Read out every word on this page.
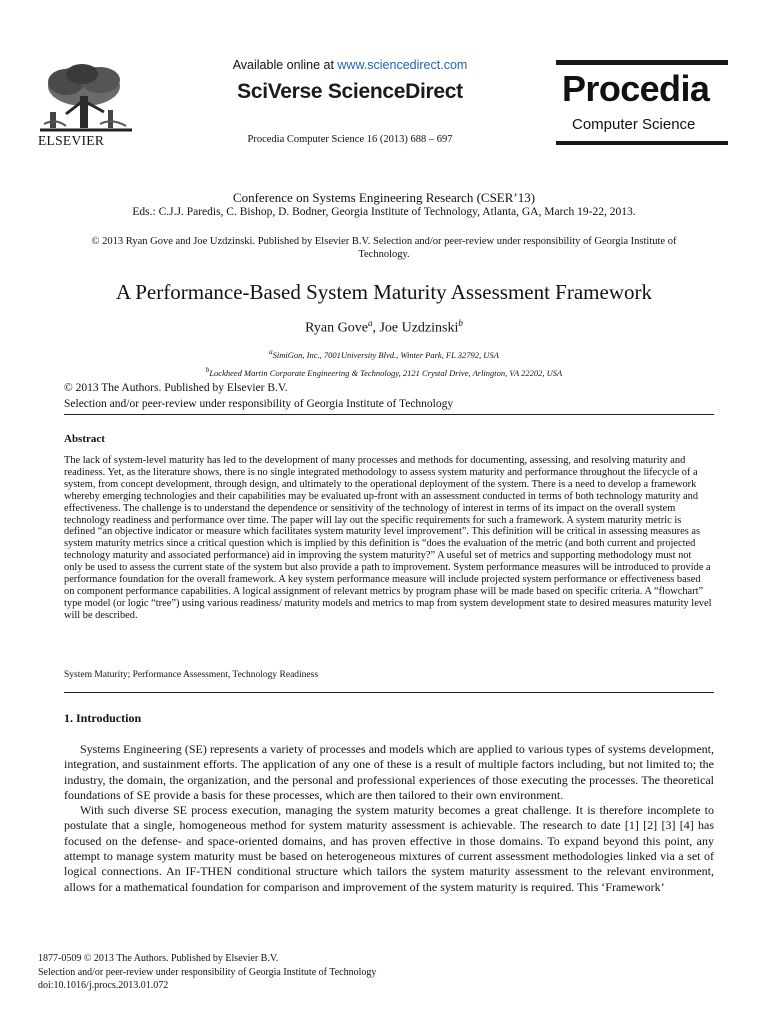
ELSEVIER
Available online at www.sciencedirect.com
SciVerse ScienceDirect
Procedia Computer Science 16 (2013) 688 – 697
Procedia
Computer Science
Conference on Systems Engineering Research (CSER’13)
Eds.: C.J.J. Paredis, C. Bishop, D. Bodner, Georgia Institute of Technology, Atlanta, GA, March 19-22, 2013.
© 2013 Ryan Gove and Joe Uzdzinski. Published by Elsevier B.V. Selection and/or peer-review under responsibility of Georgia Institute of Technology.
A Performance-Based System Maturity Assessment Framework
Ryan Gove$^a$, Joe Uzdzinski$^b$
$^a$SimiGon, Inc., 7001University Blvd., Winter Park, FL 32792, USA
$^b$Lockheed Martin Corporate Engineering & Technology, 2121 Crystal Drive, Arlington, VA 22202, USA
© 2013 The Authors. Published by Elsevier B.V.
Selection and/or peer-review under responsibility of Georgia Institute of Technology
Abstract

The lack of system-level maturity has led to the development of many processes and methods for documenting, assessing, and resolving maturity and readiness. Yet, as the literature shows, there is no single integrated methodology to assess system maturity and performance throughout the lifecycle of a system, from concept development, through design, and ultimately to the operational deployment of the system. There is a need to develop a framework whereby emerging technologies and their capabilities may be evaluated up-front with an assessment conducted in terms of both technology maturity and effectiveness. The challenge is to understand the dependence or sensitivity of the technology of interest in terms of its impact on the overall system technology readiness and performance over time. The paper will lay out the specific requirements for such a framework. A system maturity metric is defined “an objective indicator or measure which facilitates system maturity level improvement”. This definition will be critical in assessing measures as system maturity metrics since a critical question which is implied by this definition is “does the evaluation of the metric (and both current and projected technology maturity and associated performance) aid in improving the system maturity?” A useful set of metrics and supporting methodology must not only be used to assess the current state of the system but also provide a path to improvement. System performance measures will be introduced to provide a performance foundation for the overall framework. A key system performance measure will include projected system performance or effectiveness based on component performance capabilities. A logical assignment of relevant metrics by program phase will be made based on specific criteria. A “flowchart” type model (or logic “tree”) using various readiness/ maturity models and metrics to map from system development state to desired measures maturity level will be described.

System Maturity; Performance Assessment, Technology Readiness
1. Introduction

Systems Engineering (SE) represents a variety of processes and models which are applied to various types of systems development, integration, and sustainment efforts. The application of any one of these is a result of multiple factors including, but not limited to; the industry, the domain, the organization, and the personal and professional experiences of those executing the processes. The theoretical foundations of SE provide a basis for these processes, which are then tailored to their own environment.

With such diverse SE process execution, managing the system maturity becomes a great challenge. It is therefore incomplete to postulate that a single, homogeneous method for system maturity assessment is achievable. The research to date [1] [2] [3] [4] has focused on the defense- and space-oriented domains, and has proven effective in those domains. To expand beyond this point, any attempt to manage system maturity must be based on heterogeneous mixtures of current assessment methodologies linked via a set of logical connections. An IF-THEN conditional structure which tailors the system maturity assessment to the relevant environment, allows for a mathematical foundation for comparison and improvement of the system maturity is required. This ‘Framework’

1877-0509 © 2013 The Authors. Published by Elsevier B.V.
Selection and/or peer-review under responsibility of Georgia Institute of Technology
doi:10.1016/j.procs.2013.01.072
